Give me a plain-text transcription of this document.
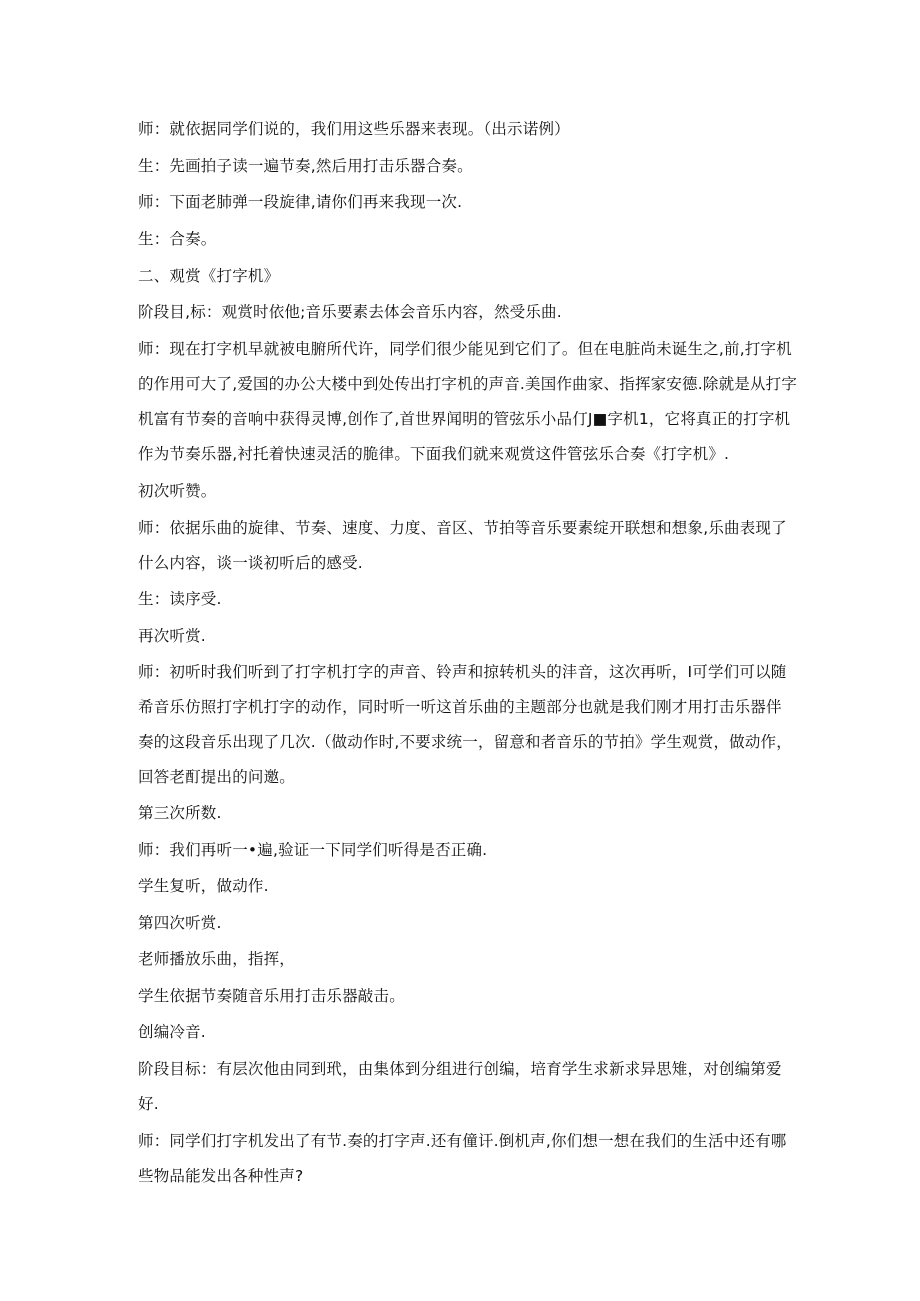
师：就依据同学们说的，我们用这些乐器来表现。（出示诺例）

生：先画拍子读一遍节奏,然后用打击乐器合奏。

师：下面老肺弹一段旋律,请你们再来我现一次.

生：合奏。

二、观赏《打字机》

阶段目,标：观赏时依他;音乐要素去体会音乐内容，然受乐曲.

师：现在打字机早就被电腑所代许，同学们很少能见到它们了。但在电脏尚未诞生之,前,打字机

的作用可大了,爱国的办公大楼中到处传出打字机的声音.美国作曲家、指挥家安德.除就是从打字

机富有节奏的音响中获得灵博,创作了,首世界闻明的管弦乐小品仃J■字机1，它将真正的打字机

作为节奏乐器,衬托着快速灵活的脆律。下面我们就来观赏这件管弦乐合奏《打字机》.

初次听赞。

师：依据乐曲的旋律、节奏、速度、力度、音区、节拍等音乐要素绽开联想和想象,乐曲表现了

什么内容，谈一谈初听后的感受.

生：读序受.

再次听赏.

师：初听时我们听到了打字机打字的声音、铃声和掠转机头的沣音，这次再听，I可学们可以随

希音乐仿照打字机打字的动作，同时听一听这首乐曲的主题部分也就是我们刚才用打击乐器伴

奏的这段音乐出现了几次.（做动作时,不要求统一，留意和者音乐的节拍》学生观赏，做动作，

回答老酊提出的问邀。

第三次所数.

师：我们再听一•遍,验证一下同学们听得是否正确.

学生复听，做动作.

第四次听赏.

老师播放乐曲，指挥，

学生依据节奏随音乐用打击乐器敲击。

创编冷音.

阶段目标：有层次他由同到玳，由集体到分组进行创编，培育学生求新求异思雉，对创编第爱

好.

师：同学们打字机发出了有节.奏的打字声.还有僮讦.倒机声,你们想一想在我们的生活中还有哪

些物品能发出各种性声?
